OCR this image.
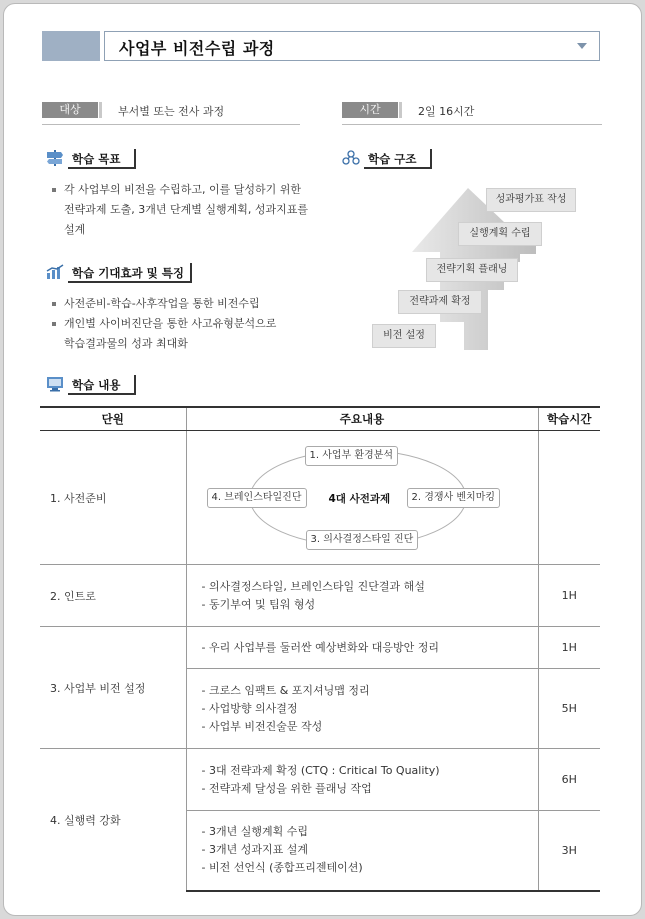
사업부 비전수립 과정
대상	부서별 또는 전사 과정	시간	2일 16시간
학습 목표
각 사업부의 비전을 수립하고, 이를 달성하기 위한
전략과제 도출, 3개년 단계별 실행계획, 성과지표를
설계
학습 기대효과 및 특징
사전준비-학습-사후작업을 통한 비전수립
개인별 사이버진단을 통한 사고유형분석으로
학습결과물의 성과 최대화
학습 구조
비전 설정
전략과제 확정
전략기획 플래닝
실행계획 수립
성과평가표 작성
학습 내용
단원	주요내용	학습시간
1. 사전준비	1. 사업부 환경분석
2. 경쟁사 벤치마킹
3. 의사결정스타일 진단
4. 브레인스타일진단 4대 사전과제	

2. 인트로	- 의사결정스타일, 브레인스타일 진단결과 해설
- 동기부여 및 팀워 형성	1H
3. 사업부 비전 설정	- 우리 사업부를 둘러싼 예상변화와 대응방안 정리	1H

	- 크로스 임팩트 & 포지셔닝맵 정리
- 사업방향 의사결정
- 사업부 비전진술문 작성	5H
4. 실행력 강화	- 3대 전략과제 확정 (CTQ : Critical To Quality)
- 전략과제 달성을 위한 플래닝 작업	6H

	- 3개년 실행계획 수립
- 3개년 성과지표 설계
- 비전 선언식 (종합프리젠테이션)	3H
